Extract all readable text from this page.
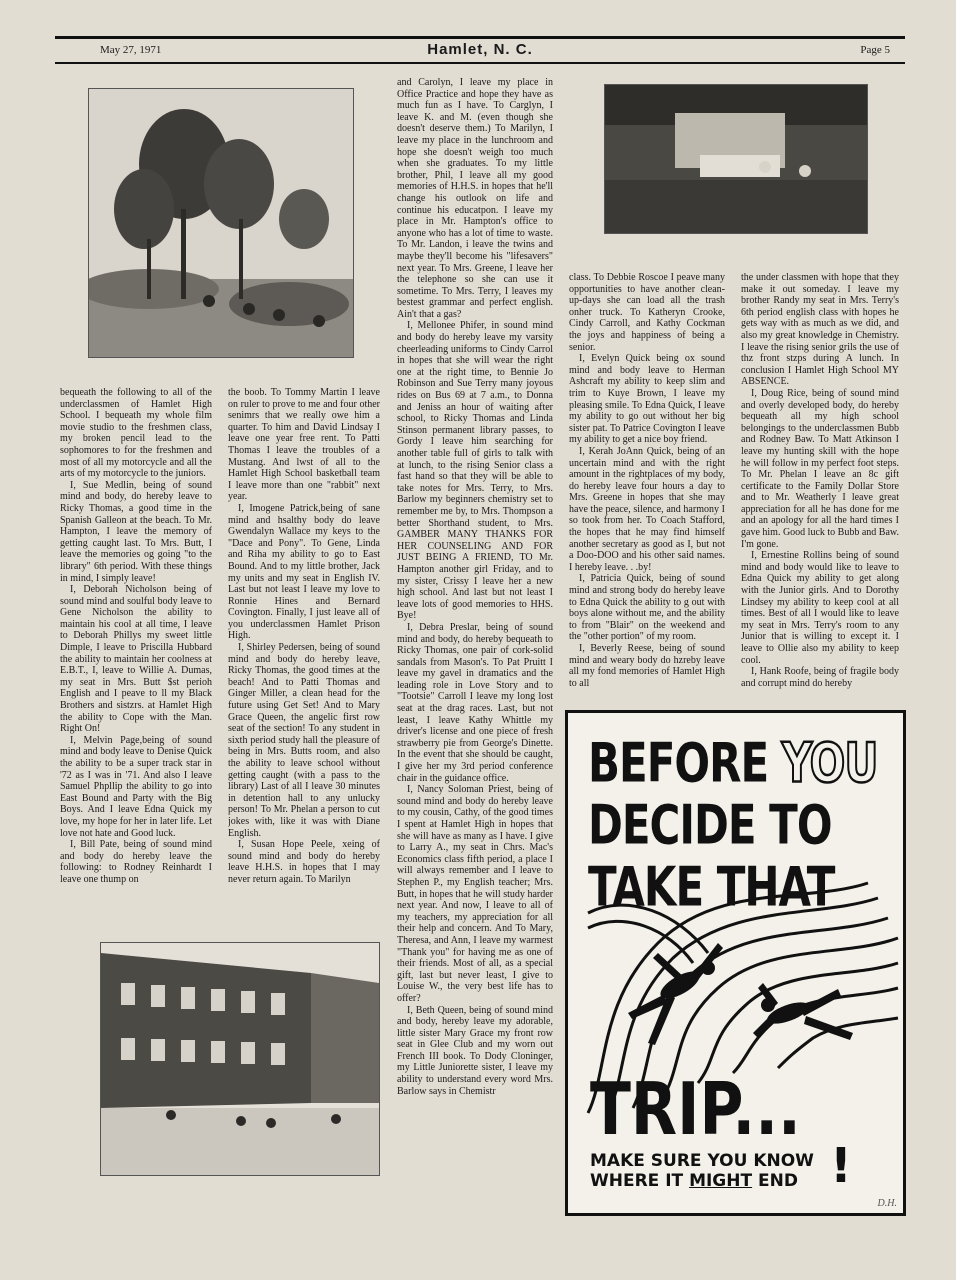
May 27, 1971	Hamlet, N. C.	Page 5

bequeath the following to all of the underclassmen of Hamlet High School. I bequeath my whole film movie studio to the freshmen class, my broken pencil lead to the sophomores to for the freshmen and most of all my motorcycle and all the arts of my motorcycle to the juniors.

I, Sue Medlin, being of sound mind and body, do hereby leave to Ricky Thomas, a good time in the Spanish Galleon at the beach. To Mr. Hampton, I leave the memory of getting caught last. To Mrs. Butt, I leave the memories og going "to the library" 6th period. With these things in mind, I simply leave!

I, Deborah Nicholson being of sound mind and soulful body leave to Gene Nicholson the ability to maintain his cool at all time, I leave to Deborah Phillys my sweet little Dimple, I leave to Priscilla Hubbard the ability to maintain her coolness at E.B.T., I, leave to Willie A. Dumas, my seat in Mrs. Butt $st perioh English and I peave to ll my Black Brothers and sistzrs. at Hamlet High the ability to Cope with the Man. Right On!

I, Melvin Page,being of sound mind and body leave to Denise Quick the ability to be a super track star in '72 as I was in '71. And also I leave Samuel Phpllip the ability to go into East Bound and Party with the Big Boys. And I leave Edna Quick my love, my hope for her in later life. Let love not hate and Good luck.

I, Bill Pate, being of sound mind and body do hereby leave the following: to Rodney Reinhardt I leave one thump on

the boob. To Tommy Martin I leave on ruler to prove to me and four other senimrs that we really owe him a quarter. To him and David Lindsay I leave one year free rent. To Patti Thomas I leave the troubles of a Mustang. And lwst of all to the Hamlet High School basketball team I leave more than one "rabbit" next year.

I, Imogene Patrick,being of sane mind and hsalthy body do leave Gwendalyn Wallace my keys to the "Dace and Pony". To Gene, Linda and Riha my ability to go to East Bound. And to my little brother, Jack my units and my seat in English IV. Last but not least I leave my love to Ronnie Hines and Bernard Covington. Finally, I just leave all of you underclassmen Hamlet Prison High.

I, Shirley Pedersen, being of sound mind and body do hereby leave, Ricky Thomas, the good times at the beach! And to Patti Thomas and Ginger Miller, a clean head for the future using Get Set! And to Mary Grace Queen, the angelic first row seat of the section! To any student in sixth period study hall the pleasure of being in Mrs. Butts room, and also the ability to leave school without getting caught (with a pass to the library) Last of all I leave 30 minutes in detention hall to any unlucky person! To Mr. Phelan a person to cut jokes with, like it was with Diane English.

I, Susan Hope Peele, xeing of sound mind and body do hereby leave H.H.S. in hopes that I may never return again. To Marilyn

and Carolyn, I leave my place in Office Practice and hope they have as much fun as I have. To Carglyn, I leave K. and M. (even though she doesn't deserve them.) To Marilyn, I leave my place in the lunchroom and hope she doesn't weigh too much when she graduates. To my little brother, Phil, I leave all my good memories of H.H.S. in hopes that he'll change his outlook on life and continue his educatpon. I leave my place in Mr. Hampton's office to anyone who has a lot of time to waste. To Mr. Landon, i leave the twins and maybe they'll become his "lifesavers" next year. To Mrs. Greene, I leave her the telephone so she can use it sometime. To Mrs. Terry, I leaves my bestest grammar and perfect english. Ain't that a gas?

I, Mellonee Phifer, in sound mind and body do hereby leave my varsity cheerleading uniforms to Cindy Carrol in hopes that she will wear the right one at the right time, to Bennie Jo Robinson and Sue Terry many joyous rides on Bus 69 at 7 a.m., to Donna and Jeniss an hour of waiting after school, to Ricky Thomas and Linda Stinson permanent library passes, to Gordy I leave him searching for another table full of girls to talk with at lunch, to the rising Senior class a fast hand so that they will be able to take notes for Mrs. Terry, to Mrs. Barlow my beginners chemistry set to remember me by, to Mrs. Thompson a better Shorthand student, to Mrs. GAMBER MANY THANKS FOR HER COUNSELING AND FOR JUST BEING A FRIEND, TO Mr. Hampton another girl Friday, and to my sister, Crissy I leave her a new high school. And last but not least I leave lots of good memories to HHS. Bye!

I, Debra Preslar, being of sound mind and body, do hereby bequeath to Ricky Thomas, one pair of cork-solid sandals from Mason's. To Pat Pruitt I leave my gavel in dramatics and the leading role in Love Story and to "Tootsie" Carroll I leave my long lost seat at the drag races. Last, but not least, I leave Kathy Whittle my driver's license and one piece of fresh strawberry pie from George's Dinette. In the event that she should be caught, I give her my 3rd period conference chair in the guidance office.

I, Nancy Soloman Priest, being of sound mind and body do hereby leave to my cousin, Cathy, of the good times I spent at Hamlet High in hopes that she will have as many as I have. I give to Larry A., my seat in Chrs. Mac's Economics class fifth period, a place I will always remember and I leave to Stephen P., my English teacher; Mrs. Butt, in hopes that he will study harder next year. And now, I leave to all of my teachers, my appreciation for all their help and concern. And To Mary, Theresa, and Ann, I leave my warmest "Thank you" for having me as one of their friends. Most of all, as a special gift, last but never least, I give to Louise W., the very best life has to offer?

I, Beth Queen, being of sound mind and body, hereby leave my adorable, little sister Mary Grace my front row seat in Glee Club and my worn out French III book. To Dody Cloninger, my Little Juniorette sister, I leave my ability to understand every word Mrs. Barlow says in Chemistr

class. To Debbie Roscoe I peave many opportunities to have another clean-up-days she can load all the trash onher truck. To Katheryn Crooke, Cindy Carroll, and Kathy Cockman the joys and happiness of being a senior.

I, Evelyn Quick being ox sound mind and body leave to Herman Ashcraft my ability to keep slim and trim to Kuye Brown, I leave my pleasing smile. To Edna Quick, I leave my ability to go out without her big sister pat. To Patrice Covington I leave my ability to get a nice boy friend.

I, Kerah JoAnn Quick, being of an uncertain mind and with the right amount in the rightplaces of my body, do hereby leave four hours a day to Mrs. Greene in hopes that she may have the peace, silence, and harmony I so took from her. To Coach Stafford, the hopes that he may find himself another secretary as good as I, but not a Doo-DOO and his other said names. I hereby leave. . .by!

I, Patricia Quick, being of sound mind and strong body do hereby leave to Edna Quick the ability to g out with boys alone without me, and the ability to from "Blair" on the weekend and the "other portion" of my room.

I, Beverly Reese, being of sound mind and weary body do hzreby leave all my fond memories of Hamlet High to all

the under classmen with hope that they make it out someday. I leave my brother Randy my seat in Mrs. Terry's 6th period english class with hopes he gets way with as much as we did, and also my great knowledge in Chemistry. I leave the rising senior grils the use of thz front stzps during A lunch. In conclusion I Hamlet High School MY ABSENCE.

I, Doug Rice, being of sound mind and overly developed body, do hereby bequeath all my high school belongings to the underclassmen Bubb and Rodney Baw. To Matt Atkinson I leave my hunting skill with the hope he will follow in my perfect foot steps. To Mr. Phelan I leave an 8c gift certificate to the Family Dollar Store and to Mr. Weatherly I leave great appreciation for all he has done for me and an apology for all the hard times I gave him. Good luck to Bubb and Baw. I'm gone.

I, Ernestine Rollins being of sound mind and body would like to leave to Edna Quick my ability to get along with the Junior girls. And to Dorothy Lindsey my ability to keep cool at all times. Best of all I would like to leave my seat in Mrs. Terry's room to any Junior that is willing to except it. I leave to Ollie also my ability to keep cool.

I, Hank Roofe, being of fragile body and corrupt mind do hereby

BEFORE YOU
DECIDE TO
TAKE THAT
TRIP...
MAKE SURE YOU KNOW
WHERE IT MIGHT END !
D.H.
